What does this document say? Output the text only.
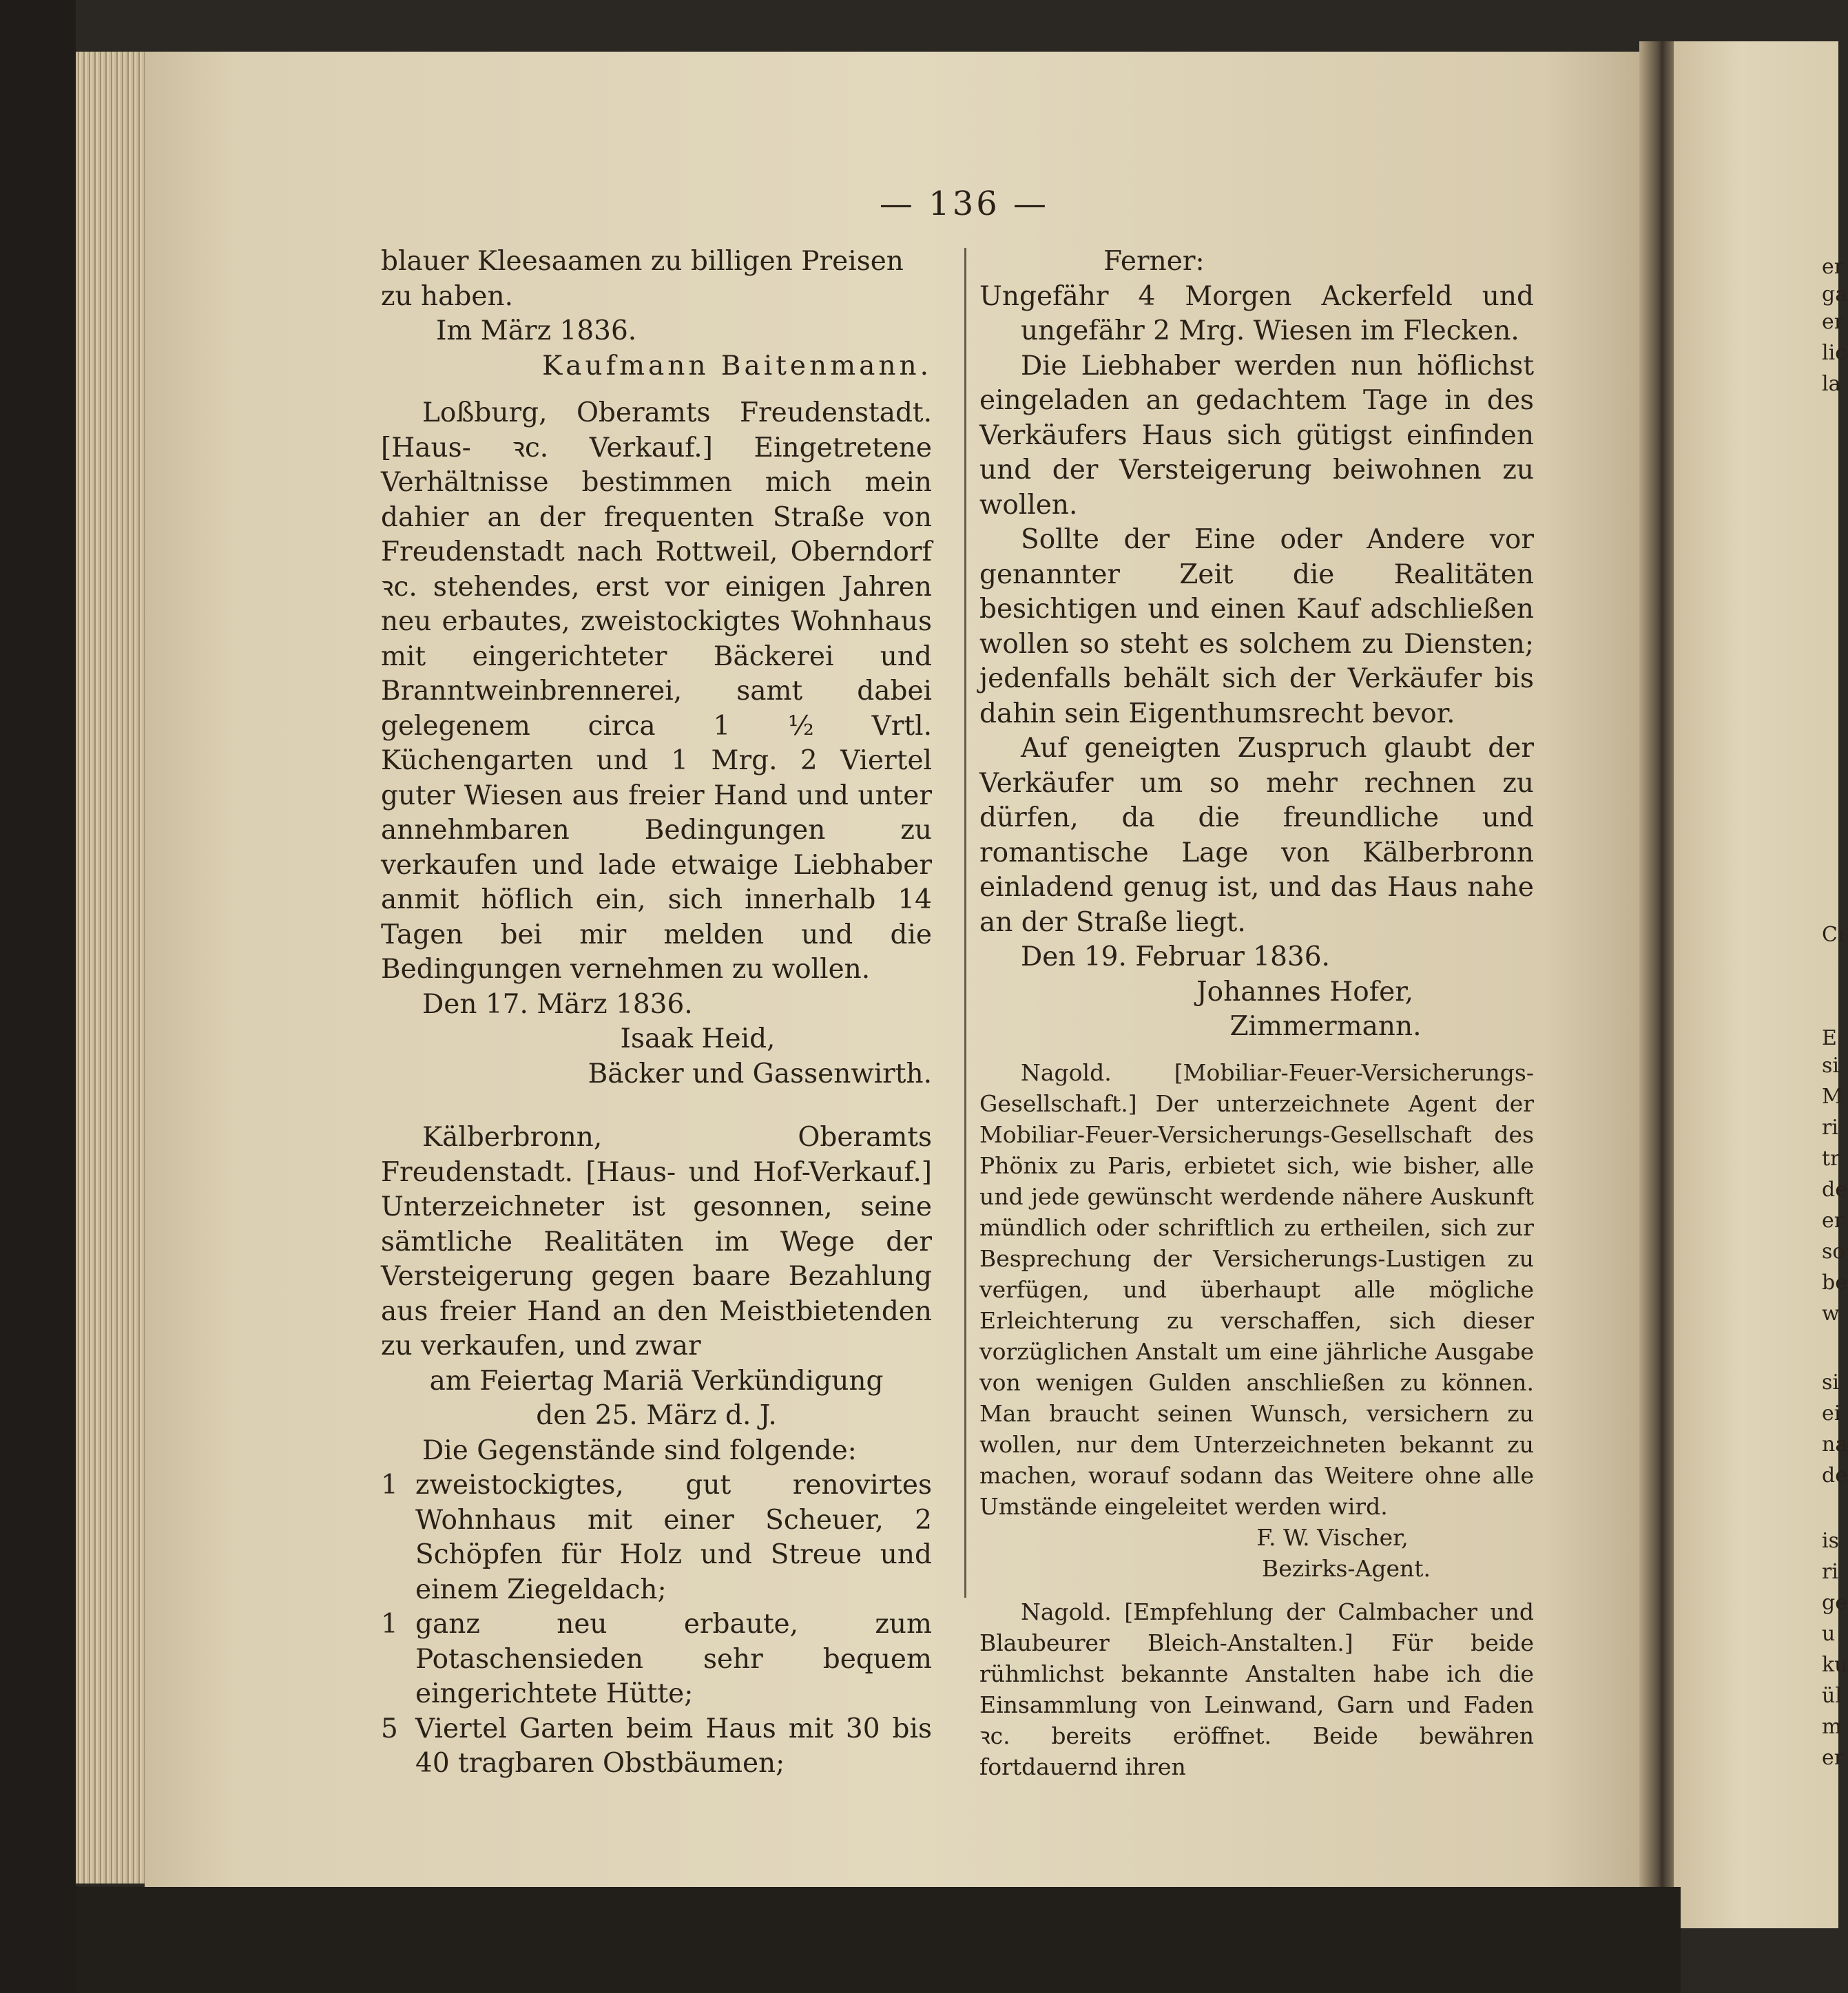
— 136 —

blauer Kleesaamen zu billigen Preisen

zu haben.

Im März 1836.

Kaufmann Baitenmann.

Loßburg, Oberamts Freudenstadt. [Haus- ꝛc. Verkauf.] Eingetretene Verhältnisse bestimmen mich mein dahier an der frequenten Straße von Freudenstadt nach Rottweil, Oberndorf ꝛc. stehendes, erst vor einigen Jahren neu erbautes, zweistockigtes Wohnhaus mit eingerichteter Bäckerei und Branntweinbrennerei, samt dabei gelegenem circa 1 ½ Vrtl. Küchengarten und 1 Mrg. 2 Viertel guter Wiesen aus freier Hand und unter annehmbaren Bedingungen zu verkaufen und lade etwaige Liebhaber anmit höflich ein, sich innerhalb 14 Tagen bei mir melden und die Bedingungen vernehmen zu wollen.

Den 17. März 1836.

Isaak Heid,

Bäcker und Gassenwirth.

Kälberbronn, Oberamts Freudenstadt. [Haus- und Hof-Verkauf.] Unterzeichneter ist gesonnen, seine sämtliche Realitäten im Wege der Versteigerung gegen baare Bezahlung aus freier Hand an den Meistbietenden zu verkaufen, und zwar

am Feiertag Mariä Verkündigung

den 25. März d. J.

Die Gegenstände sind folgende:

1 zweistockigtes, gut renovirtes Wohnhaus mit einer Scheuer, 2 Schöpfen für Holz und Streue und einem Ziegeldach;
1 ganz neu erbaute, zum Potaschensieden sehr bequem eingerichtete Hütte;
5 Viertel Garten beim Haus mit 30 bis 40 tragbaren Obstbäumen;

Ferner:

Ungefähr 4 Morgen Ackerfeld und ungefähr 2 Mrg. Wiesen im Flecken.

Die Liebhaber werden nun höflichst eingeladen an gedachtem Tage in des Verkäufers Haus sich gütigst einfinden und der Versteigerung beiwohnen zu wollen.

Sollte der Eine oder Andere vor genannter Zeit die Realitäten besichtigen und einen Kauf adschließen wollen so steht es solchem zu Diensten; jedenfalls behält sich der Verkäufer bis dahin sein Eigenthumsrecht bevor.

Auf geneigten Zuspruch glaubt der Verkäufer um so mehr rechnen zu dürfen, da die freundliche und romantische Lage von Kälberbronn einladend genug ist, und das Haus nahe an der Straße liegt.

Den 19. Februar 1836.

Johannes Hofer,

Zimmermann.

Nagold. [Mobiliar-Feuer-Versicherungs-Gesellschaft.] Der unterzeichnete Agent der Mobiliar-Feuer-Versicherungs-Gesellschaft des Phönix zu Paris, erbietet sich, wie bisher, alle und jede gewünscht werdende nähere Auskunft mündlich oder schriftlich zu ertheilen, sich zur Besprechung der Versicherungs-Lustigen zu verfügen, und überhaupt alle mögliche Erleichterung zu verschaffen, sich dieser vorzüglichen Anstalt um eine jährliche Ausgabe von wenigen Gulden anschließen zu können. Man braucht seinen Wunsch, versichern zu wollen, nur dem Unterzeichneten bekannt zu machen, worauf sodann das Weitere ohne alle Umstände eingeleitet werden wird.

F. W. Vischer,

Bezirks-Agent.

Nagold. [Empfehlung der Calmbacher und Blaubeurer Bleich-Anstalten.] Für beide rühmlichst bekannte Anstalten habe ich die Einsammlung von Leinwand, Garn und Faden ꝛc. bereits eröffnet. Beide bewähren fortdauernd ihren

er
ga
er
lic
la
Cı
E
si
M
ri
tr
de
er
so
be
w
si
ei
na
de
is
ri
ge
u
ku
ül
m
er
